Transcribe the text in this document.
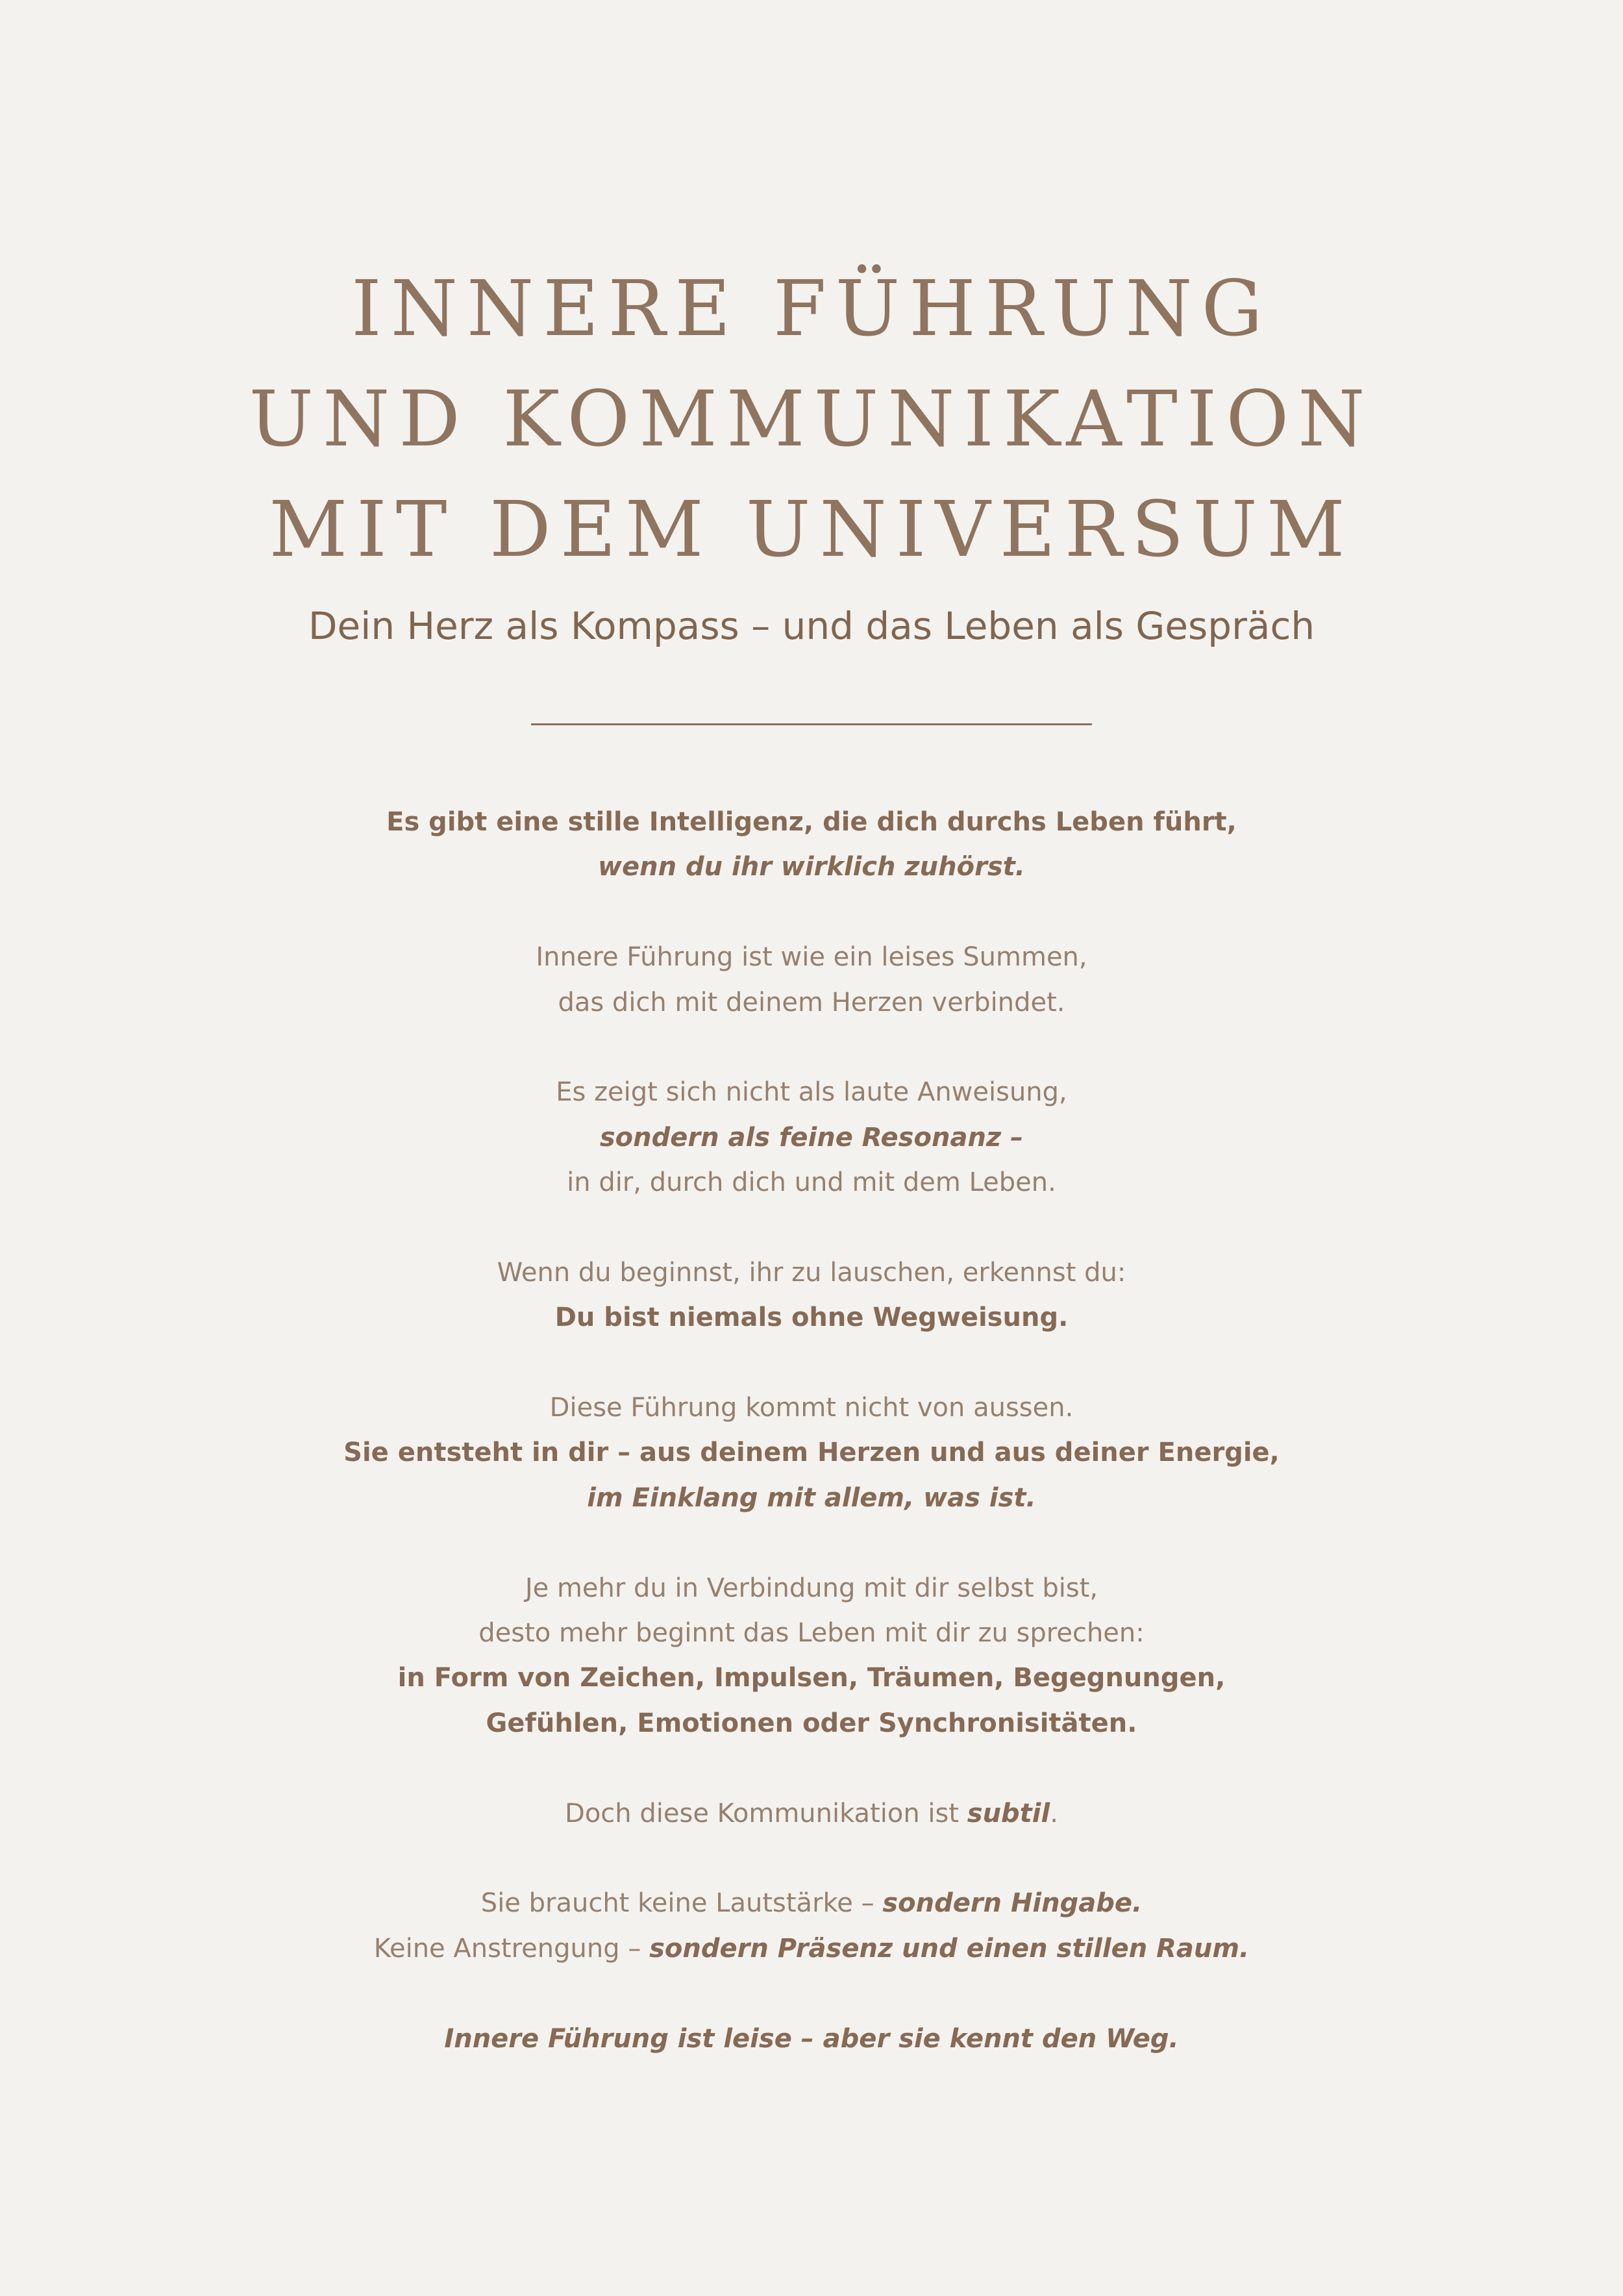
INNERE FÜHRUNG
UND KOMMUNIKATION
MIT DEM UNIVERSUM
Dein Herz als Kompass – und das Leben als Gespräch
Es gibt eine stille Intelligenz, die dich durchs Leben führt,
wenn du ihr wirklich zuhörst.
Innere Führung ist wie ein leises Summen,
das dich mit deinem Herzen verbindet.
Es zeigt sich nicht als laute Anweisung,
sondern als feine Resonanz –
in dir, durch dich und mit dem Leben.
Wenn du beginnst, ihr zu lauschen, erkennst du:
Du bist niemals ohne Wegweisung.
Diese Führung kommt nicht von aussen.
Sie entsteht in dir – aus deinem Herzen und aus deiner Energie,
im Einklang mit allem, was ist.
Je mehr du in Verbindung mit dir selbst bist,
desto mehr beginnt das Leben mit dir zu sprechen:
in Form von Zeichen, Impulsen, Träumen, Begegnungen,
Gefühlen, Emotionen oder Synchronisitäten.
Doch diese Kommunikation ist subtil.
Sie braucht keine Lautstärke – sondern Hingabe.
Keine Anstrengung – sondern Präsenz und einen stillen Raum.
Innere Führung ist leise – aber sie kennt den Weg.
